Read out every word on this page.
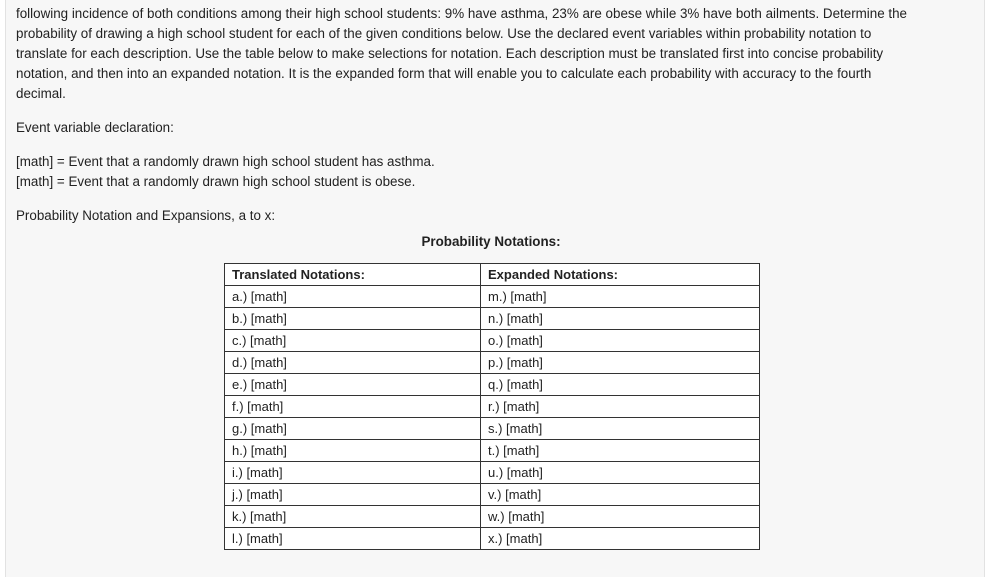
following incidence of both conditions among their high school students: 9% have asthma, 23% are obese while 3% have both ailments. Determine the

probability of drawing a high school student for each of the given conditions below. Use the declared event variables within probability notation to

translate for each description. Use the table below to make selections for notation. Each description must be translated first into concise probability

notation, and then into an expanded notation. It is the expanded form that will enable you to calculate each probability with accuracy to the fourth

decimal.

Event variable declaration:

[math] = Event that a randomly drawn high school student has asthma.

[math] = Event that a randomly drawn high school student is obese.

Probability Notation and Expansions, a to x:

Probability Notations:
Translated Notations:	Expanded Notations:
a.) [math]	m.) [math]
b.) [math]	n.) [math]
c.) [math]	o.) [math]
d.) [math]	p.) [math]
e.) [math]	q.) [math]
f.) [math]	r.) [math]
g.) [math]	s.) [math]
h.) [math]	t.) [math]
i.) [math]	u.) [math]
j.) [math]	v.) [math]
k.) [math]	w.) [math]
l.) [math]	x.) [math]
